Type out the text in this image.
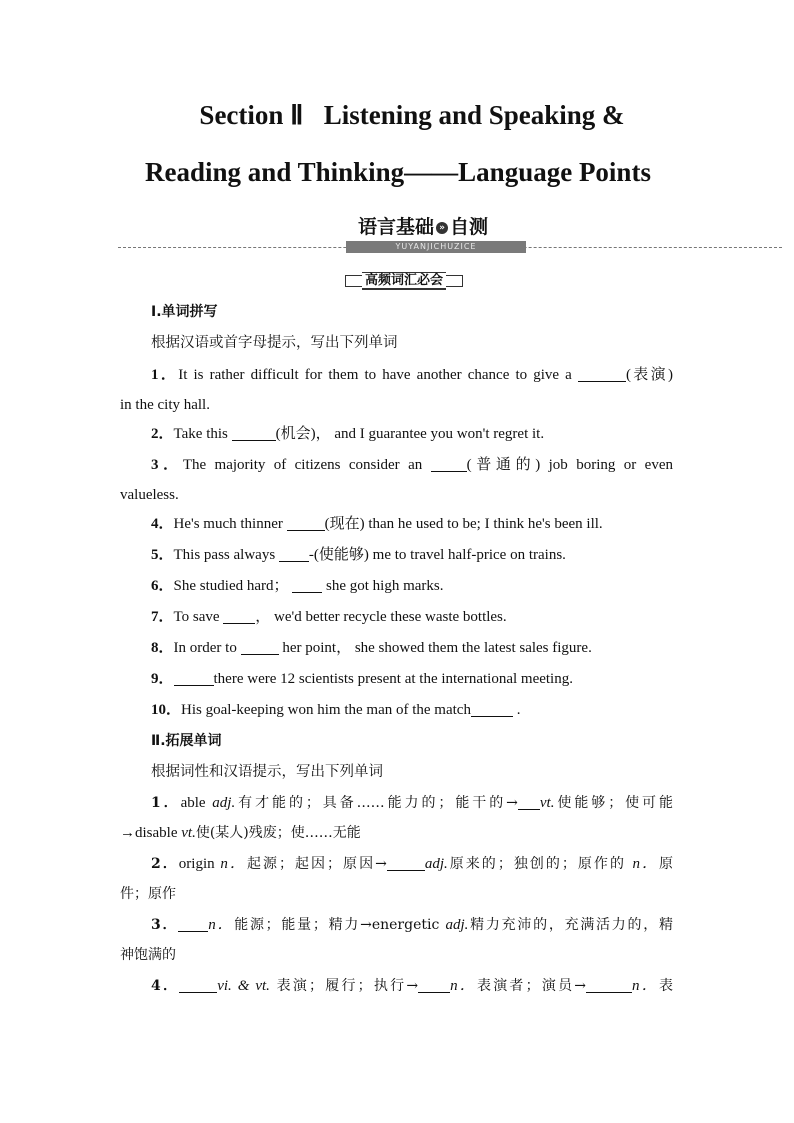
Section Ⅱ   Listening and Speaking &
Reading and Thinking——Language Points
语言基础 » 自测
YUYANJICHUZICE
高频词汇必会
Ⅰ.单词拼写
根据汉语或首字母提示，写出下列单词
1．It is rather difficult for them to have another chance to give a	(表演)
in the city hall.
2．Take this	(机会)， and I guarantee you won't regret it.
3．The majority of citizens consider an (普通的) job boring or even
valueless.
4．He's much thinner	(现在) than he used to be; I think he's been ill.
5．This pass always -(使能够) me to travel half-price on trains.
6．She studied hard；  she got high marks.
7．To save ， we'd better recycle these waste bottles.
8．In order to	her point， she showed them the latest sales figure.
9．	there were 12 scientists present at the international meeting.
10．His goal-keeping won him the man of the match	.
Ⅱ.拓展单词
根据词性和汉语提示，写出下列单词
1．able adj.有才能的；具备……能力的；能干的→ vt.使能够；使可能
→disable vt.使(某人)残废；使……无能
2．origin n．起源；起因；原因→	adj.原来的；独创的；原作的 n．原
件；原作
3． n．能源；能量；精力→energetic adj.精力充沛的，充满活力的，精
神饱满的
4．	vi. & vt. 表演；履行；执行→ n．表演者；演员→	n．表
